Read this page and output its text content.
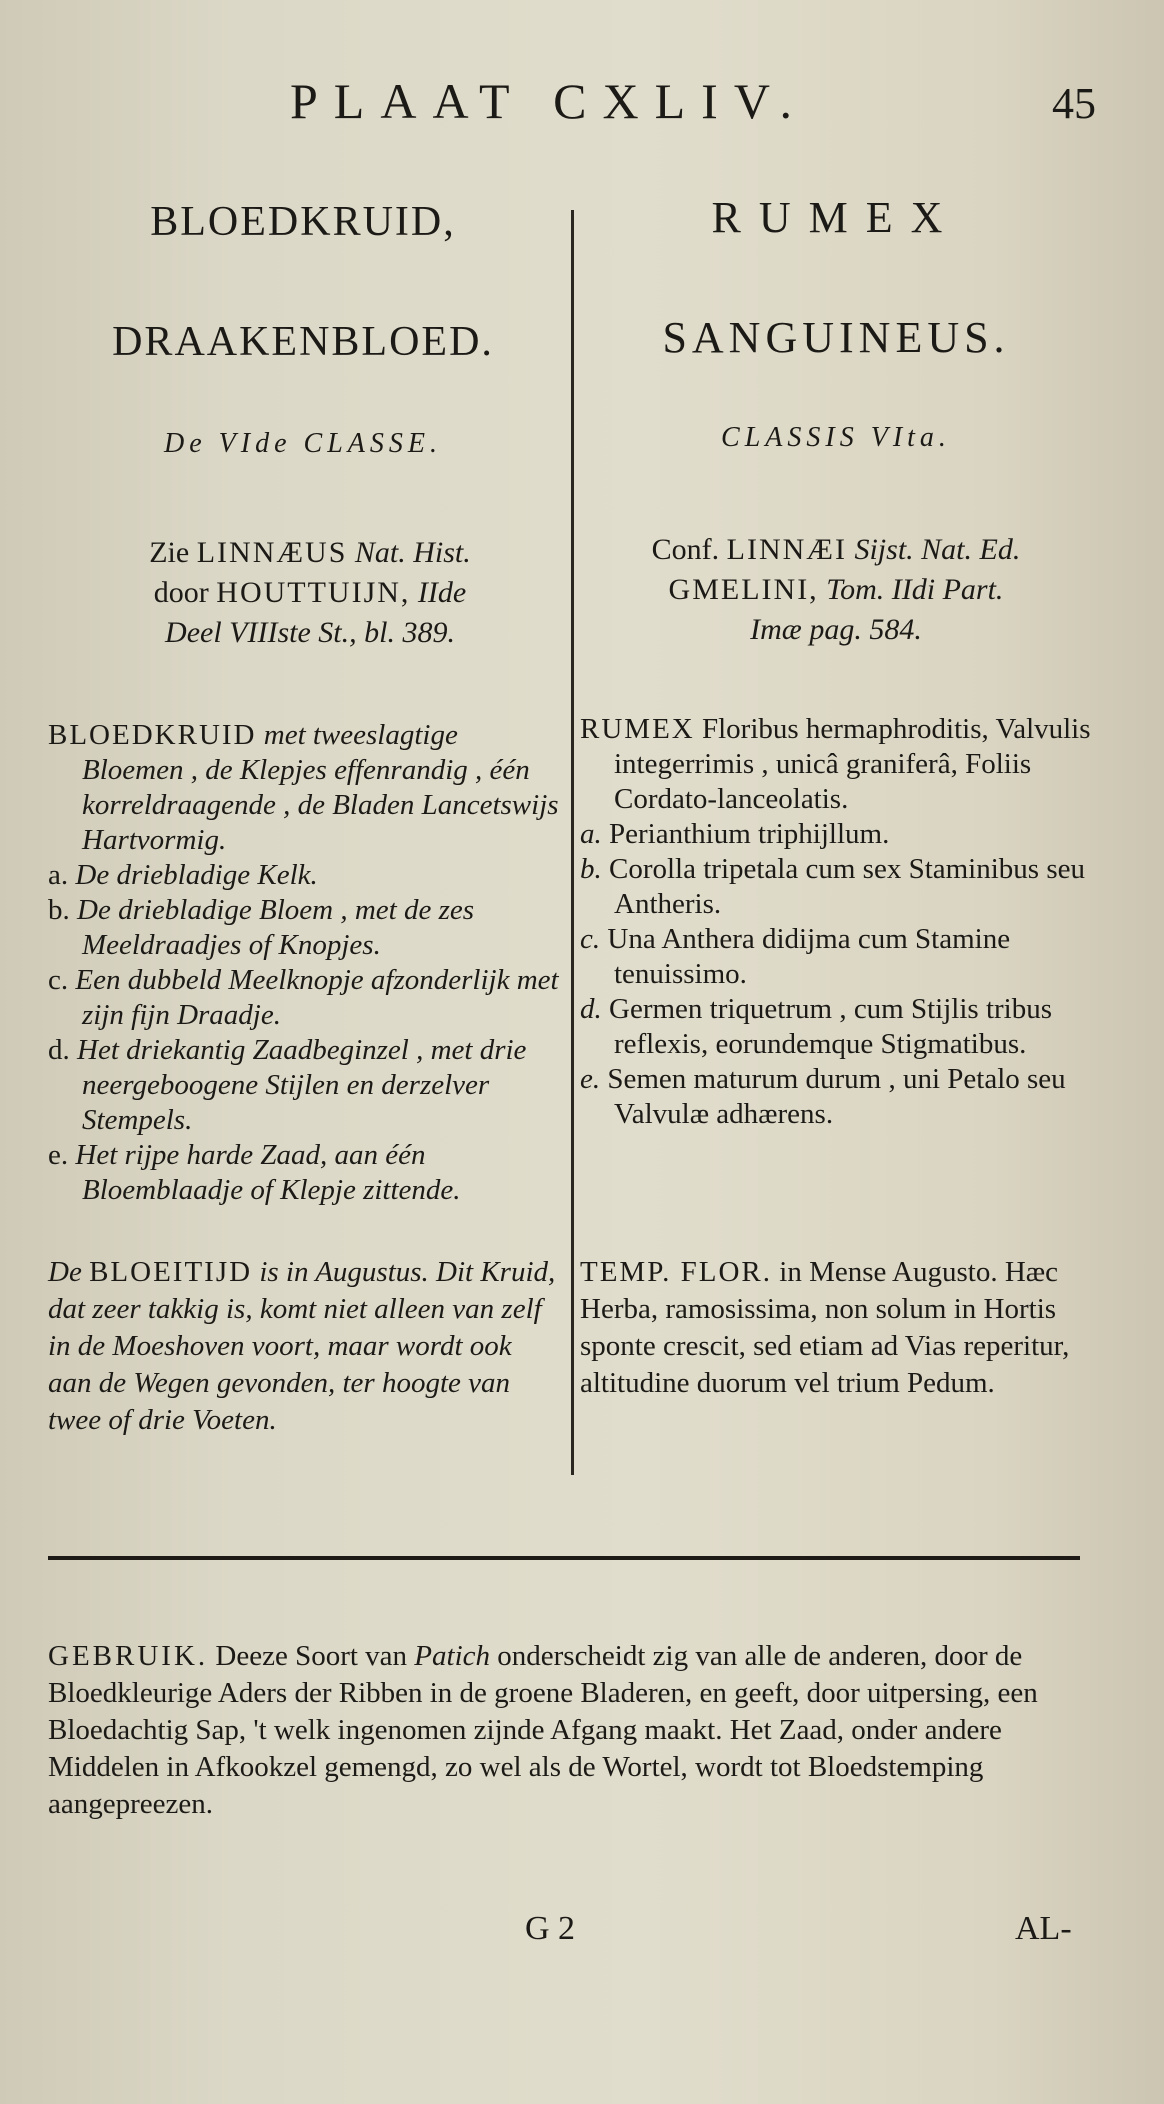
PLAAT CXLIV.	45
BLOEDKRUID,
DRAAKENBLOED.
De VIde CLASSE.
Zie LINNÆUS Nat. Hist.
door HOUTTUIJN, IIde
Deel VIIIste St., bl. 389.

BLOEDKRUID met tweeslagtige Bloemen , de Klepjes effenrandig , één korreldraagende , de Bladen Lancetswijs Hartvormig.

a. De driebladige Kelk.

b. De driebladige Bloem , met de zes Meeldraadjes of Knopjes.

c. Een dubbeld Meelknopje afzonderlijk met zijn fijn Draadje.

d. Het driekantig Zaadbeginzel , met drie neergeboogene Stijlen en derzelver Stempels.

e. Het rijpe harde Zaad, aan één Bloemblaadje of Klepje zittende.

De BLOEITIJD is in Augustus. Dit Kruid, dat zeer takkig is, komt niet alleen van zelf in de Moeshoven voort, maar wordt ook aan de Wegen gevonden, ter hoogte van twee of drie Voeten.

RUMEX
SANGUINEUS.
CLASSIS VIta.
Conf. LINNÆI Sijst. Nat. Ed.
GMELINI, Tom. IIdi Part.
Imæ pag. 584.

RUMEX Floribus hermaphroditis, Valvulis integerrimis , unicâ graniferâ, Foliis Cordato-lanceolatis.

a. Perianthium triphijllum.

b. Corolla tripetala cum sex Staminibus seu Antheris.

c. Una Anthera didijma cum Stamine tenuissimo.

d. Germen triquetrum , cum Stijlis tribus reflexis, eorundemque Stigmatibus.

e. Semen maturum durum , uni Petalo seu Valvulæ adhærens.

TEMP. FLOR. in Mense Augusto. Hæc Herba, ramosissima, non solum in Hortis sponte crescit, sed etiam ad Vias reperitur, altitudine duorum vel trium Pedum.

GEBRUIK. Deeze Soort van Patich onderscheidt zig van alle de anderen, door de Bloedkleurige Aders der Ribben in de groene Bladeren, en geeft, door uitpersing, een Bloedachtig Sap, 't welk ingenomen zijnde Afgang maakt. Het Zaad, onder andere Middelen in Afkookzel gemengd, zo wel als de Wortel, wordt tot Bloedstemping aangepreezen.
G 2	AL-
